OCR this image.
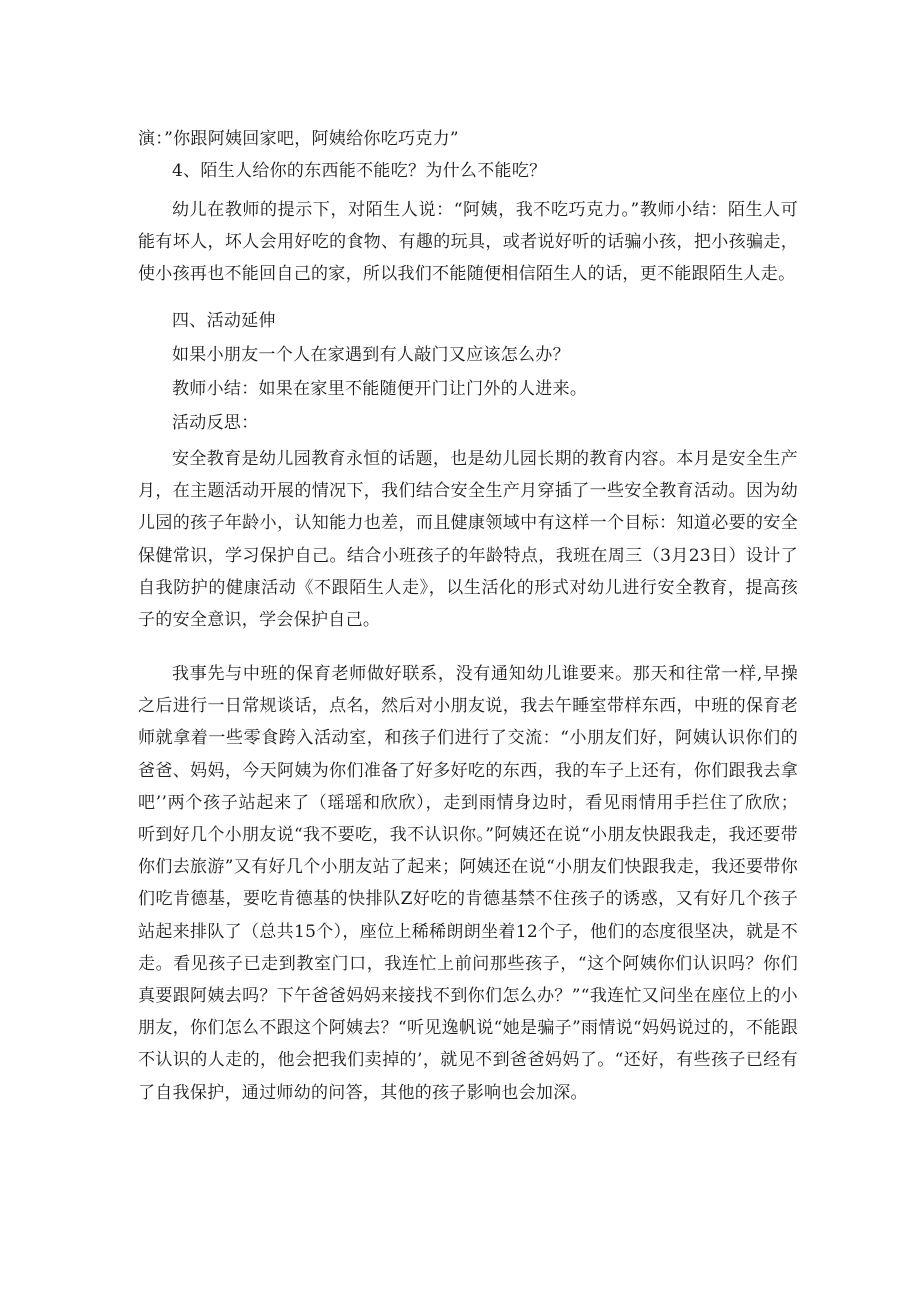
演：”你跟阿姨回家吧，阿姨给你吃巧克力”

4、陌生人给你的东西能不能吃？为什么不能吃？

幼儿在教师的提示下，对陌生人说：“阿姨，我不吃巧克力。”教师小结：陌生人可能有坏人，坏人会用好吃的食物、有趣的玩具，或者说好听的话骗小孩，把小孩骗走，使小孩再也不能回自己的家，所以我们不能随便相信陌生人的话，更不能跟陌生人走。

四、活动延伸

如果小朋友一个人在家遇到有人敲门又应该怎么办？

教师小结：如果在家里不能随便开门让门外的人进来。

活动反思：

安全教育是幼儿园教育永恒的话题，也是幼儿园长期的教育内容。本月是安全生产月，在主题活动开展的情况下，我们结合安全生产月穿插了一些安全教育活动。因为幼儿园的孩子年龄小，认知能力也差，而且健康领域中有这样一个目标：知道必要的安全保健常识，学习保护自己。结合小班孩子的年龄特点，我班在周三（3月23日）设计了自我防护的健康活动《不跟陌生人走》，以生活化的形式对幼儿进行安全教育，提高孩子的安全意识，学会保护自己。

我事先与中班的保育老师做好联系，没有通知幼儿谁要来。那天和往常一样,早操之后进行一日常规谈话，点名，然后对小朋友说，我去午睡室带样东西，中班的保育老师就拿着一些零食跨入活动室，和孩子们进行了交流：“小朋友们好，阿姨认识你们的爸爸、妈妈，今天阿姨为你们准备了好多好吃的东西，我的车子上还有，你们跟我去拿吧’’两个孩子站起来了（瑶瑶和欣欣），走到雨情身边时，看见雨情用手拦住了欣欣；听到好几个小朋友说“我不要吃，我不认识你。”阿姨还在说“小朋友快跟我走，我还要带你们去旅游”又有好几个小朋友站了起来；阿姨还在说“小朋友们快跟我走，我还要带你们吃肯德基，要吃肯德基的快排队Z好吃的肯德基禁不住孩子的诱惑，又有好几个孩子站起来排队了（总共15个），座位上稀稀朗朗坐着12个子，他们的态度很坚决，就是不走。看见孩子已走到教室门口，我连忙上前问那些孩子，“这个阿姨你们认识吗？你们真要跟阿姨去吗？下午爸爸妈妈来接找不到你们怎么办？”“我连忙又问坐在座位上的小朋友，你们怎么不跟这个阿姨去？“听见逸帆说“她是骗子”雨情说“妈妈说过的，不能跟不认识的人走的，他会把我们卖掉的’，就见不到爸爸妈妈了。“还好，有些孩子已经有了自我保护，通过师幼的问答，其他的孩子影响也会加深。
